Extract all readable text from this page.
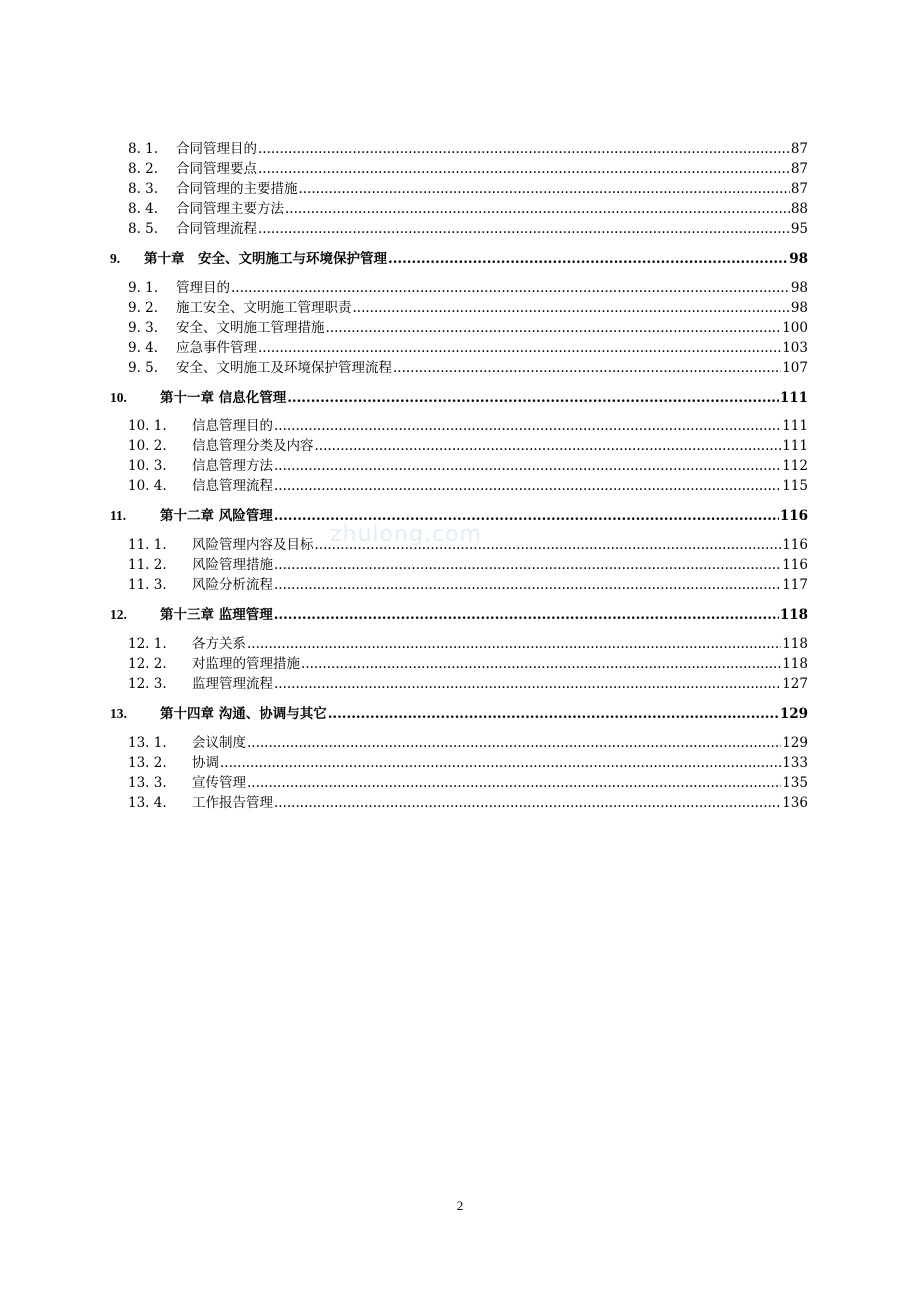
8. 1. 合同管理目的 .....	87
8. 2. 合同管理要点 .....	87
8. 3. 合同管理的主要措施 .....	87
8. 4. 合同管理主要方法 .....	88
8. 5. 合同管理流程 .....	95
9. 第十章　安全、文明施工与环境保护管理 .....	98
9. 1. 管理目的 .....	98
9. 2. 施工安全、文明施工管理职责 .....	98
9. 3. 安全、文明施工管理措施 .....	100
9. 4. 应急事件管理 .....	103
9. 5. 安全、文明施工及环境保护管理流程 .....	107
10. 第十一章 信息化管理 .....	111
10. 1. 信息管理目的 .....	111
10. 2. 信息管理分类及内容 .....	111
10. 3. 信息管理方法 .....	112
10. 4. 信息管理流程 .....	115
11.	第十二章 风险管理 .....	116
11. 1. 风险管理内容及目标 .....	116
11. 2. 风险管理措施 .....	116
11. 3. 风险分析流程 .....	117
12. 第十三章 监理管理 .....	118
12. 1. 各方关系 .....	118
12. 2. 对监理的管理措施 .....	118
12. 3. 监理管理流程 .....	127
13. 第十四章 沟通、协调与其它 .....	129
13. 1. 会议制度 .....	129
13. 2. 协调 .....	133
13. 3. 宣传管理 .....	135
13. 4. 工作报告管理 .....	136
zhulong.com
2
